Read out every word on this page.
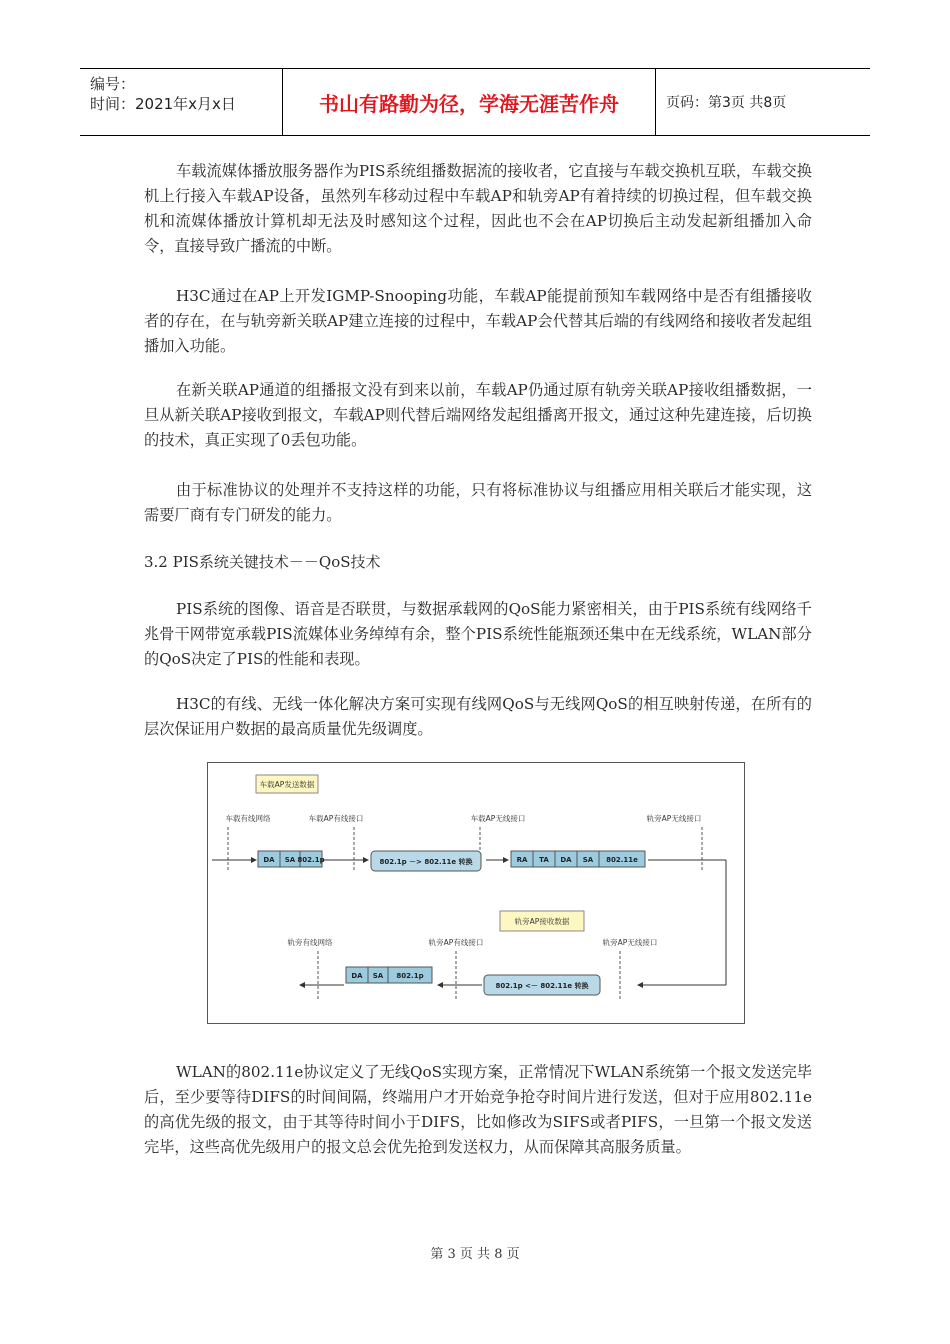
编号：
时间：2021年x月x日	书山有路勤为径，学海无涯苦作舟	页码：第3页 共8页

车载流媒体播放服务器作为PIS系统组播数据流的接收者，它直接与车载交换机互联，车载交换机上行接入车载AP设备，虽然列车移动过程中车载AP和轨旁AP有着持续的切换过程，但车载交换机和流媒体播放计算机却无法及时感知这个过程，因此也不会在AP切换后主动发起新组播加入命令，直接导致广播流的中断。

H3C通过在AP上开发IGMP-Snooping功能，车载AP能提前预知车载网络中是否有组播接收者的存在，在与轨旁新关联AP建立连接的过程中，车载AP会代替其后端的有线网络和接收者发起组播加入功能。

在新关联AP通道的组播报文没有到来以前，车载AP仍通过原有轨旁关联AP接收组播数据，一旦从新关联AP接收到报文，车载AP则代替后端网络发起组播离开报文，通过这种先建连接，后切换的技术，真正实现了0丢包功能。

由于标准协议的处理并不支持这样的功能，只有将标准协议与组播应用相关联后才能实现，这需要厂商有专门研发的能力。

3.2 PIS系统关键技术－－QoS技术

PIS系统的图像、语音是否联贯，与数据承载网的QoS能力紧密相关，由于PIS系统有线网络千兆骨干网带宽承载PIS流媒体业务绰绰有余，整个PIS系统性能瓶颈还集中在无线系统，WLAN部分的QoS决定了PIS的性能和表现。

H3C的有线、无线一体化解决方案可实现有线网QoS与无线网QoS的相互映射传递，在所有的层次保证用户数据的最高质量优先级调度。

车载AP发送数据
车载有线网络	车载AP有线接口	车载AP无线接口	轨旁AP无线接口
DA SA 802.1p	802.1p －> 802.11e 转换	RA TA DA SA 802.11e
轨旁AP接收数据
轨旁有线网络	轨旁AP有线接口	轨旁AP无线接口
DA SA 802.1p
802.1p <－ 802.11e 转换

WLAN的802.11e协议定义了无线QoS实现方案，正常情况下WLAN系统第一个报文发送完毕后，至少要等待DIFS的时间间隔，终端用户才开始竞争抢夺时间片进行发送，但对于应用802.11e的高优先级的报文，由于其等待时间小于DIFS，比如修改为SIFS或者PIFS，一旦第一个报文发送完毕，这些高优先级用户的报文总会优先抢到发送权力，从而保障其高服务质量。

第 3 页 共 8 页
